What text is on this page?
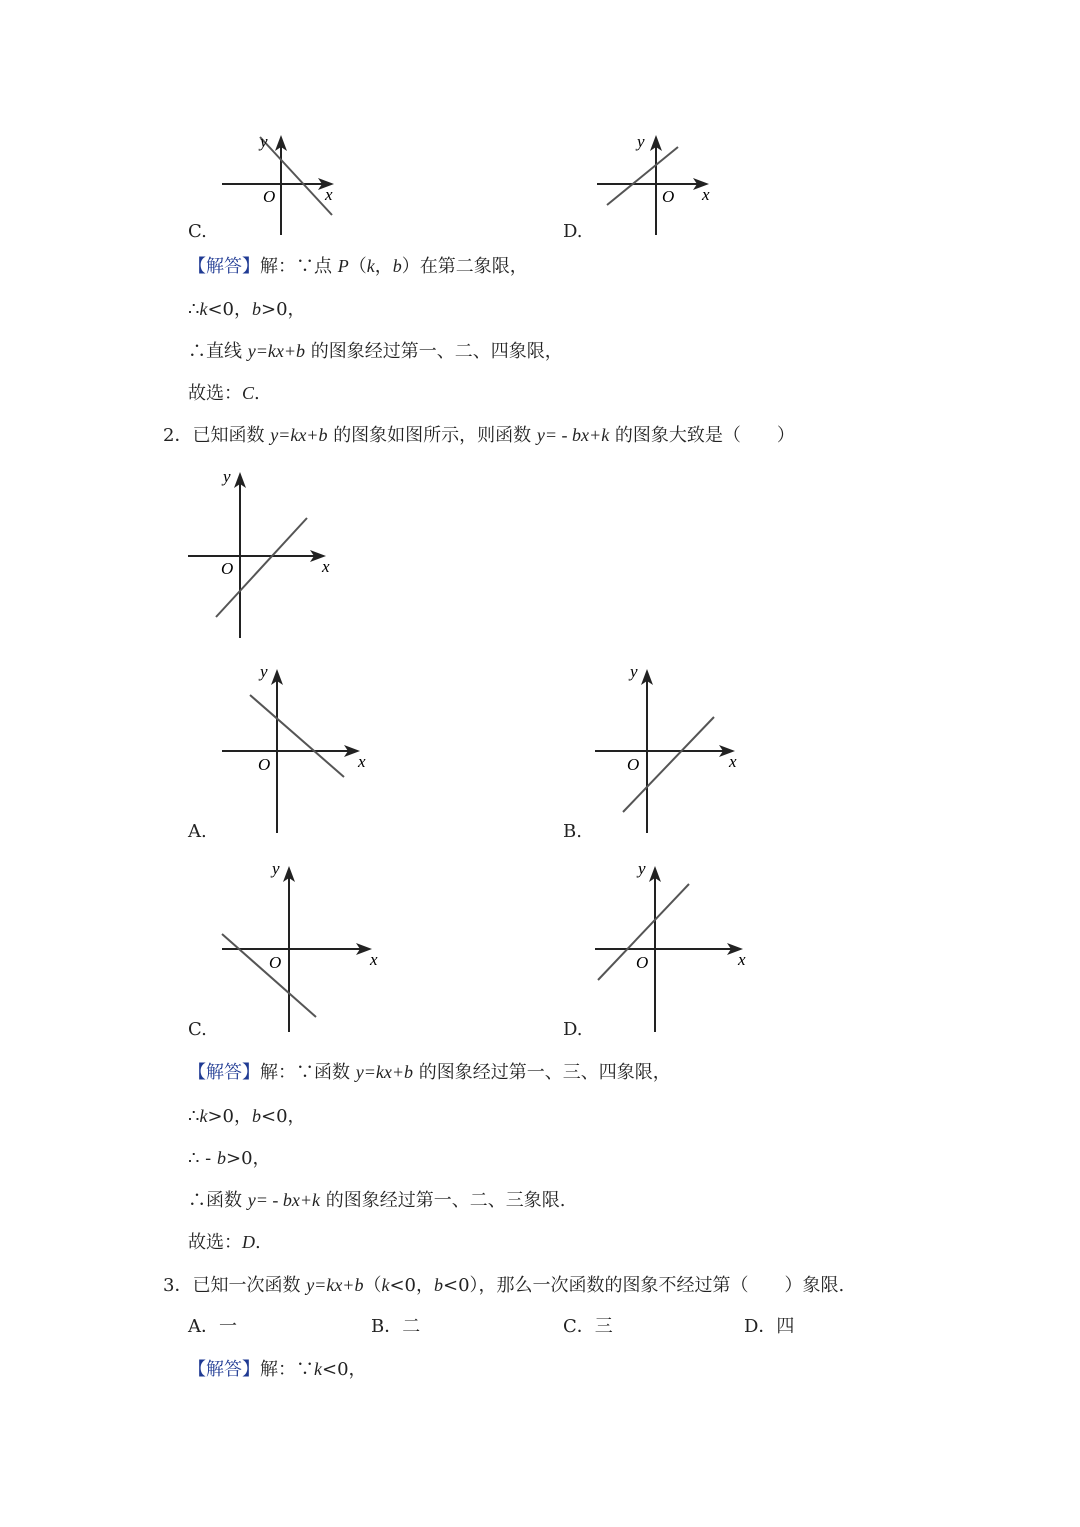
y
x
O
C.
y
x
O
D.
【解答】解：∵点 P（k，b）在第二象限，
∴k<0，b>0，
∴直线 y=kx+b 的图象经过第一、二、四象限，
故选：C.
2．已知函数 y=kx+b 的图象如图所示，则函数 y= - bx+k 的图象大致是（　　）
y
x
O
y
x
O
A.
y
x
O
B.
y
x
O
C.
y
x
O
D.
【解答】解：∵函数 y=kx+b 的图象经过第一、三、四象限，
∴k>0，b<0，
∴ - b>0，
∴函数 y= - bx+k 的图象经过第一、二、三象限.
故选：D.
3．已知一次函数 y=kx+b（k<0，b<0），那么一次函数的图象不经过第（　　）象限.
A．一	B．二	C．三	D．四
【解答】解：∵k<0，
